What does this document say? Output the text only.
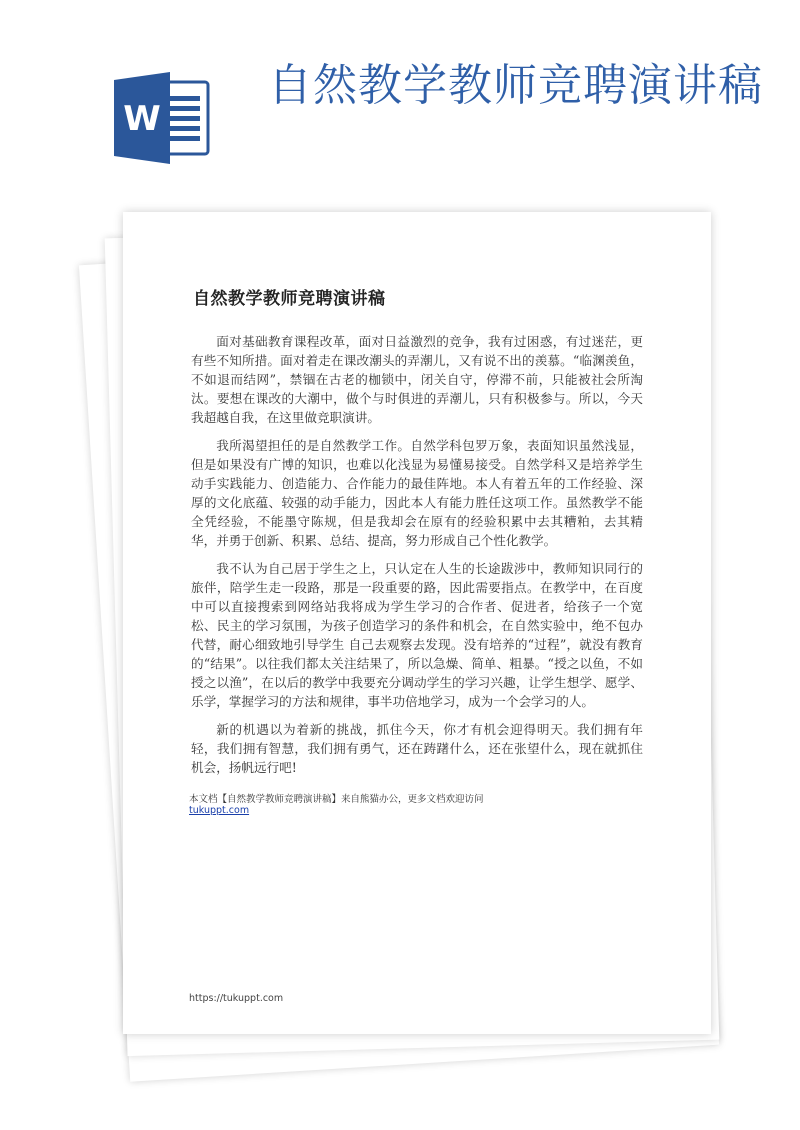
W
自然教学教师竞聘演讲稿
自然教学教师竞聘演讲稿

面对基础教育课程改革，面对日益激烈的竞争，我有过困惑，有过迷茫，更有些不知所措。面对着走在课改潮头的弄潮儿，又有说不出的羡慕。“临渊羡鱼，不如退而结网”，禁锢在古老的枷锁中，闭关自守，停滞不前，只能被社会所淘汰。要想在课改的大潮中，做个与时俱进的弄潮儿，只有积极参与。所以，今天我超越自我，在这里做竞职演讲。

我所渴望担任的是自然教学工作。自然学科包罗万象，表面知识虽然浅显，但是如果没有广博的知识，也难以化浅显为易懂易接受。自然学科又是培养学生动手实践能力、创造能力、合作能力的最佳阵地。本人有着五年的工作经验、深厚的文化底蕴、较强的动手能力，因此本人有能力胜任这项工作。虽然教学不能全凭经验，不能墨守陈规，但是我却会在原有的经验积累中去其糟粕，去其精华，并勇于创新、积累、总结、提高，努力形成自己个性化教学。

我不认为自己居于学生之上，只认定在人生的长途跋涉中，教师知识同行的旅伴，陪学生走一段路，那是一段重要的路，因此需要指点。在教学中，在百度中可以直接搜索到网络站我将成为学生学习的合作者、促进者，给孩子一个宽松、民主的学习氛围，为孩子创造学习的条件和机会，在自然实验中，绝不包办代替，耐心细致地引导学生 自己去观察去发现。没有培养的“过程”，就没有教育的“结果”。以往我们都太关注结果了，所以急燥、简单、粗暴。“授之以鱼，不如授之以渔”，在以后的教学中我要充分调动学生的学习兴趣，让学生想学、愿学、乐学，掌握学习的方法和规律，事半功倍地学习，成为一个会学习的人。

新的机遇以为着新的挑战，抓住今天，你才有机会迎得明天。我们拥有年轻，我们拥有智慧，我们拥有勇气，还在踌躇什么，还在张望什么，现在就抓住机会，扬帆远行吧!

本文档【自然教学教师竞聘演讲稿】来自熊猫办公，更多文档欢迎访问
tukuppt.com
https://tukuppt.com
